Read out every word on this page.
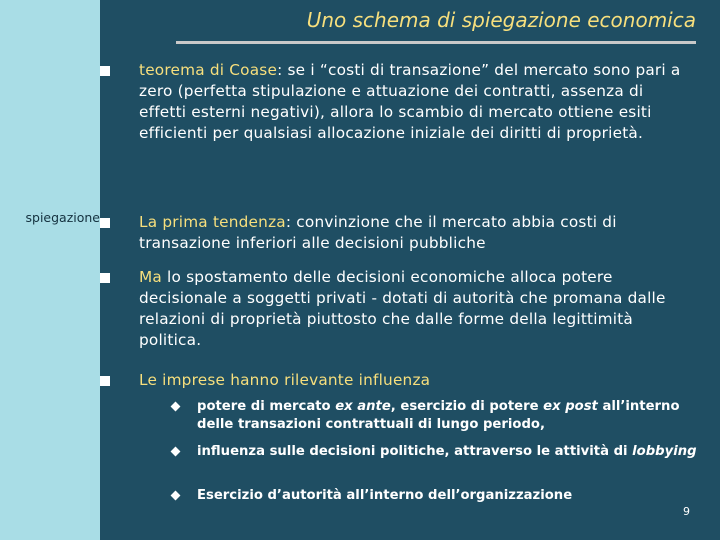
spiegazione
Uno schema di spiegazione economica
teorema di Coase: se i “costi di transazione” del mercato sono pari a zero (perfetta stipulazione e attuazione dei contratti, assenza di effetti esterni negativi), allora lo scambio di mercato ottiene esiti efficienti per qualsiasi allocazione iniziale dei diritti di proprietà.
La prima tendenza: convinzione che il mercato abbia costi di transazione inferiori alle decisioni pubbliche
Ma lo spostamento delle decisioni economiche alloca potere decisionale a soggetti privati - dotati di autorità che promana dalle relazioni di proprietà piuttosto che dalle forme della legittimità politica.
Le imprese hanno rilevante influenza
potere di mercato ex ante, esercizio di potere ex post all’interno delle transazioni contrattuali di lungo periodo,
influenza sulle decisioni politiche, attraverso le attività di lobbying
Esercizio d’autorità all’interno dell’organizzazione
9
